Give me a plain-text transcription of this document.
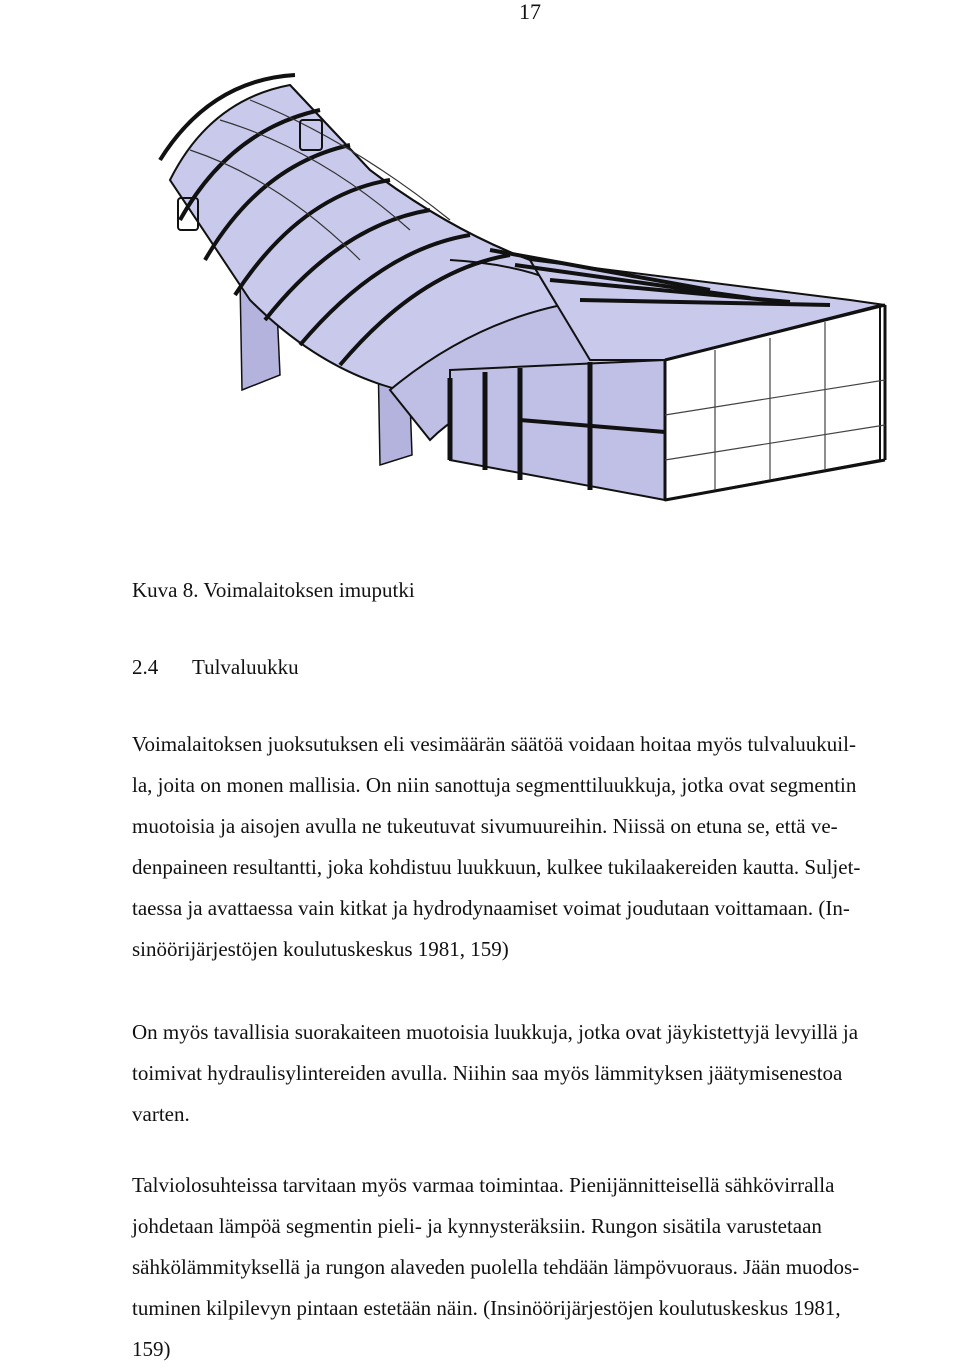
17
Kuva 8. Voimalaitoksen imuputki
2.4 Tulvaluukku
Voimalaitoksen juoksutuksen eli vesimäärän säätöä voidaan hoitaa myös tulvaluukuil-
la, joita on monen mallisia. On niin sanottuja segmenttiluukkuja, jotka ovat segmentin
muotoisia ja aisojen avulla ne tukeutuvat sivumuureihin. Niissä on etuna se, että ve-
denpaineen resultantti, joka kohdistuu luukkuun, kulkee tukilaakereiden kautta. Suljet-
taessa ja avattaessa vain kitkat ja hydrodynaamiset voimat joudutaan voittamaan. (In-
sinöörijärjestöjen koulutuskeskus 1981, 159)
On myös tavallisia suorakaiteen muotoisia luukkuja, jotka ovat jäykistettyjä levyillä ja
toimivat hydraulisylintereiden avulla. Niihin saa myös lämmityksen jäätymisenestoa
varten.
Talviolosuhteissa tarvitaan myös varmaa toimintaa. Pienijännitteisellä sähkövirralla
johdetaan lämpöä segmentin pieli- ja kynnysteräksiin. Rungon sisätila varustetaan
sähkölämmityksellä ja rungon alaveden puolella tehdään lämpövuoraus. Jään muodos-
tuminen kilpilevyn pintaan estetään näin. (Insinöörijärjestöjen koulutuskeskus 1981,
159)
